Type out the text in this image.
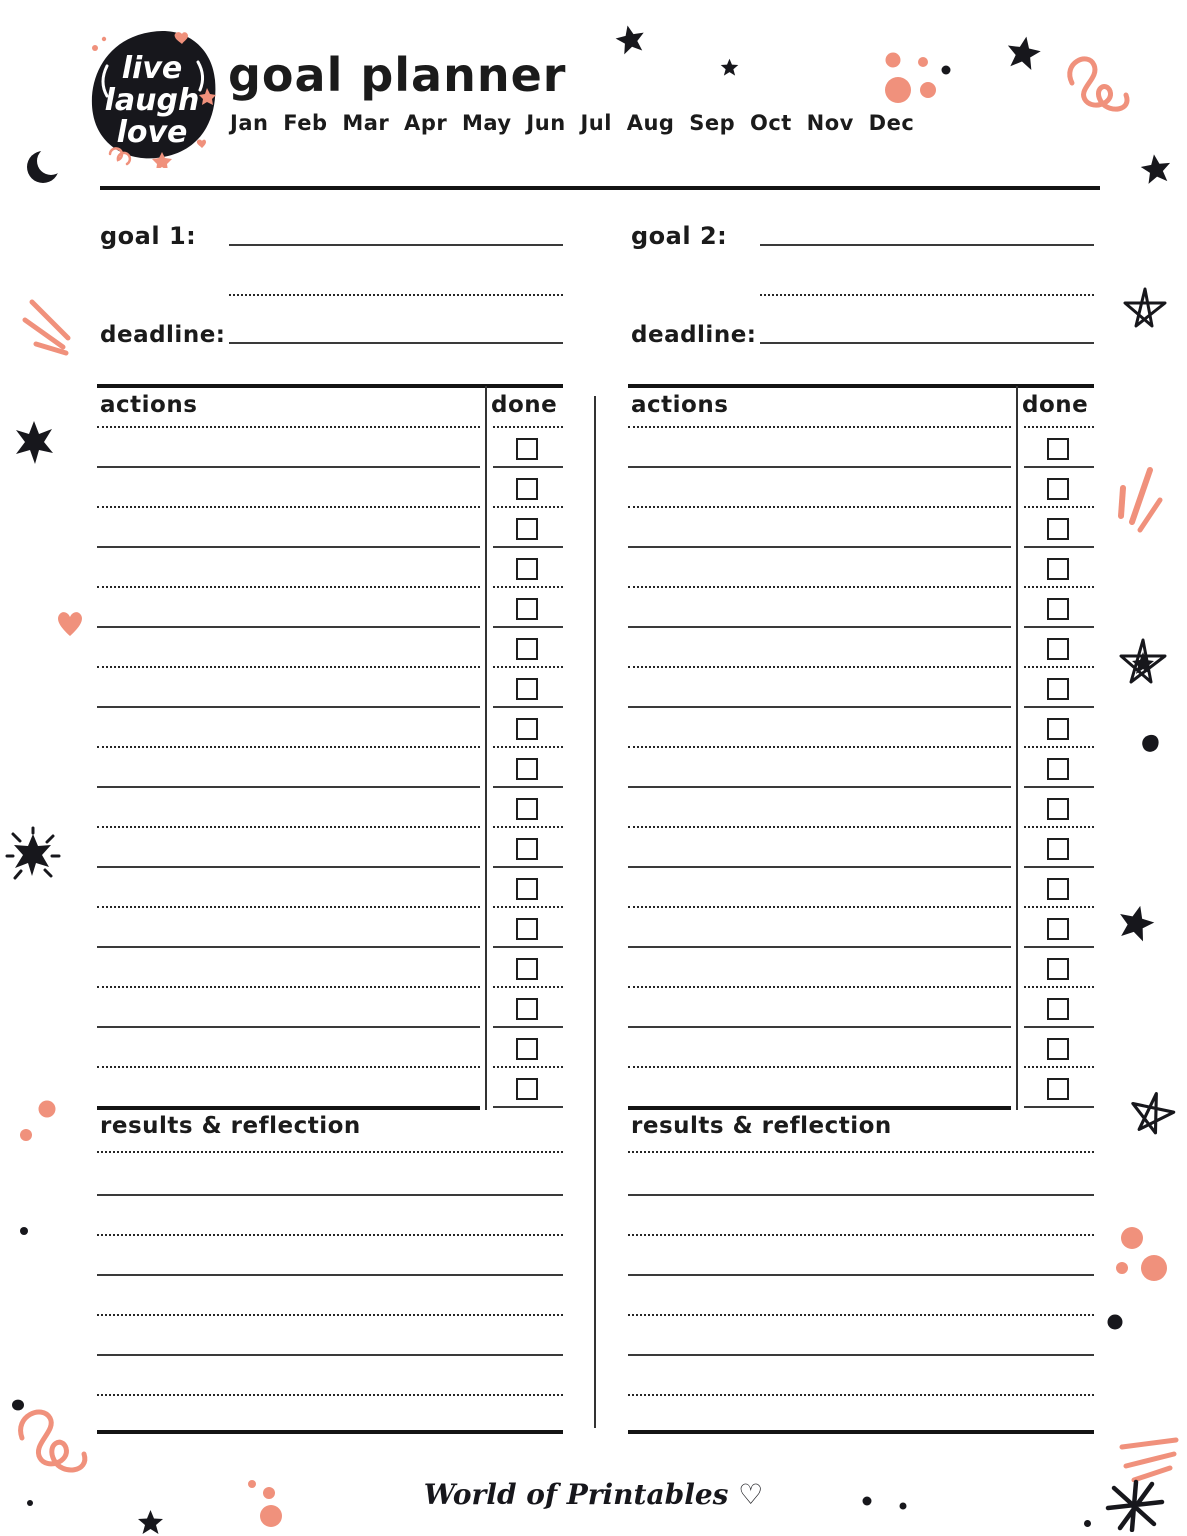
live
laugh
love
goal planner
Jan Feb Mar Apr May Jun Jul Aug Sep Oct Nov Dec
goal 1:
deadline:
actions	done
results & reflection
goal 2:
deadline:
actions	done
results & reflection
World of Printables ♡
